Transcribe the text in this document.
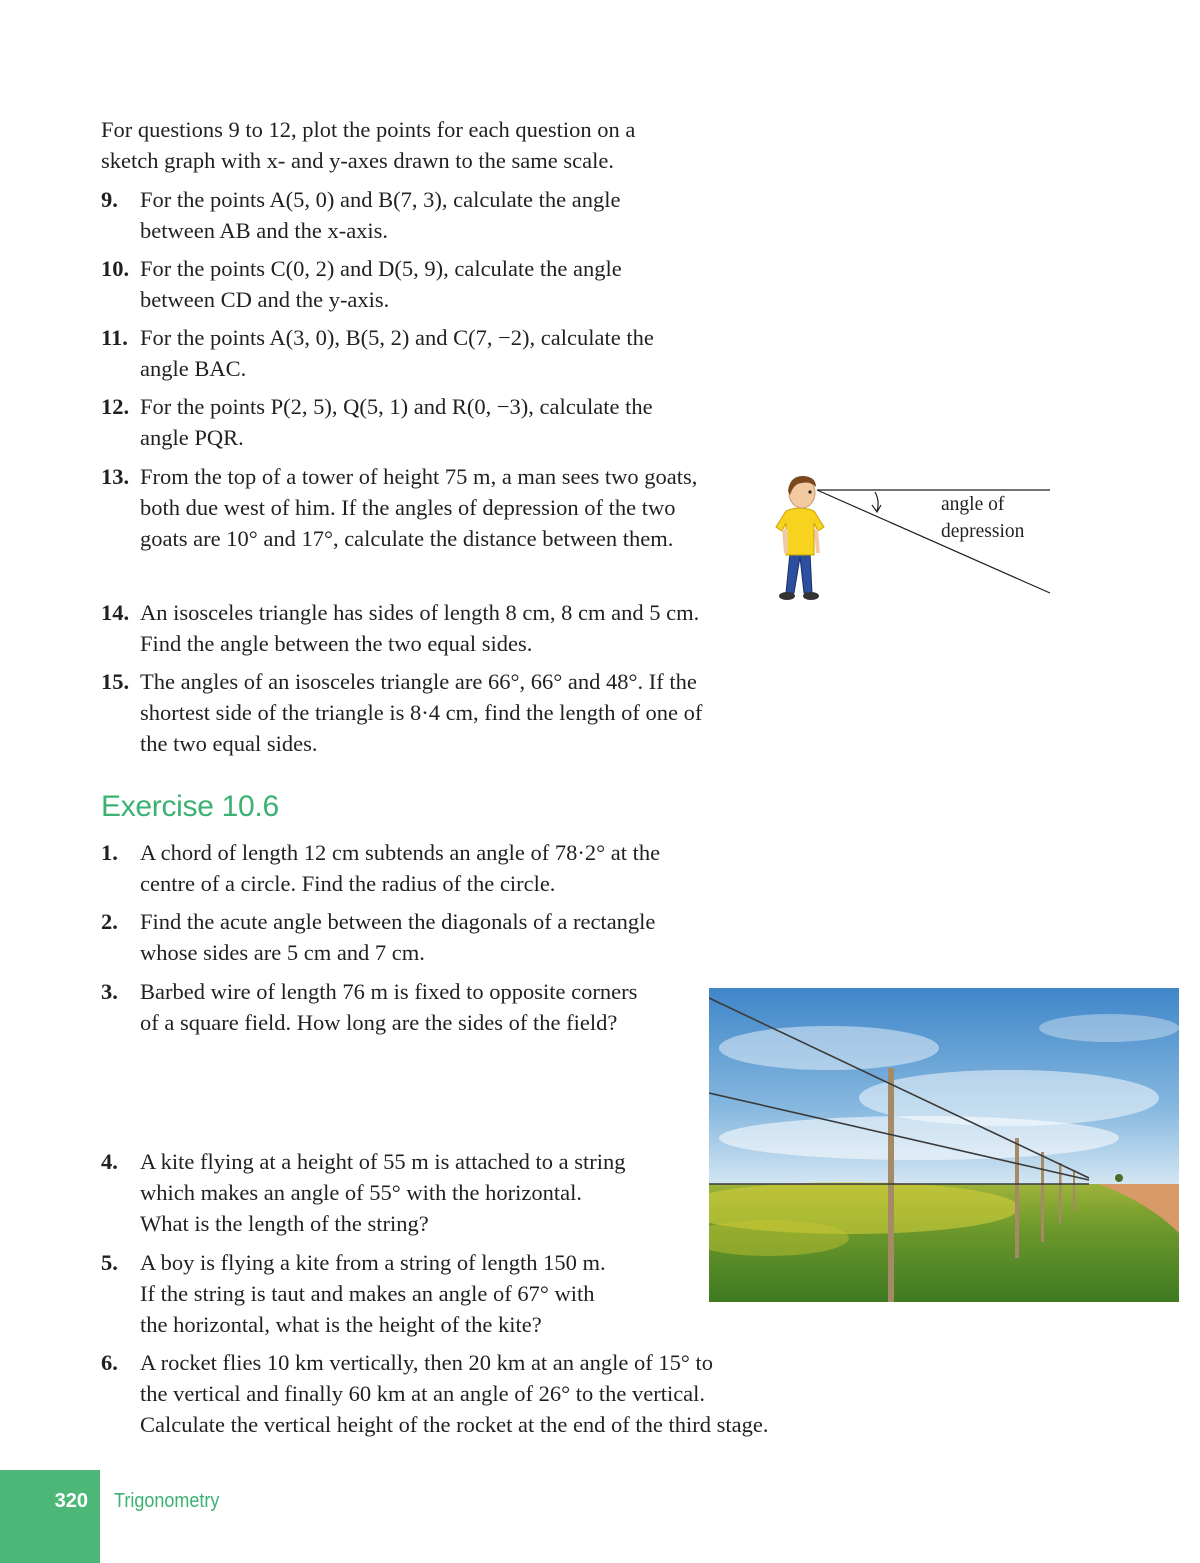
For questions 9 to 12, plot the points for each question on a
sketch graph with x- and y-axes drawn to the same scale.

9. For the points A(5, 0) and B(7, 3), calculate the angle
between AB and the x-axis.
10. For the points C(0, 2) and D(5, 9), calculate the angle
between CD and the y-axis.
11. For the points A(3, 0), B(5, 2) and C(7, −2), calculate the
angle BAC.
12. For the points P(2, 5), Q(5, 1) and R(0, −3), calculate the
angle PQR.
13. From the top of a tower of height 75 m, a man sees two goats,
both due west of him. If the angles of depression of the two
goats are 10° and 17°, calculate the distance between them.
14. An isosceles triangle has sides of length 8 cm, 8 cm and 5 cm.
Find the angle between the two equal sides.
15. The angles of an isosceles triangle are 66°, 66° and 48°. If the
shortest side of the triangle is 8·4 cm, find the length of one of
the two equal sides.
angle of
depression
Exercise 10.6
1. A chord of length 12 cm subtends an angle of 78·2° at the
centre of a circle. Find the radius of the circle.
2. Find the acute angle between the diagonals of a rectangle
whose sides are 5 cm and 7 cm.
3. Barbed wire of length 76 m is fixed to opposite corners
of a square field. How long are the sides of the field?
4. A kite flying at a height of 55 m is attached to a string
which makes an angle of 55° with the horizontal.
What is the length of the string?
5. A boy is flying a kite from a string of length 150 m.
If the string is taut and makes an angle of 67° with
the horizontal, what is the height of the kite?
6. A rocket flies 10 km vertically, then 20 km at an angle of 15° to
the vertical and finally 60 km at an angle of 26° to the vertical.
Calculate the vertical height of the rocket at the end of the third stage.
320	Trigonometry
